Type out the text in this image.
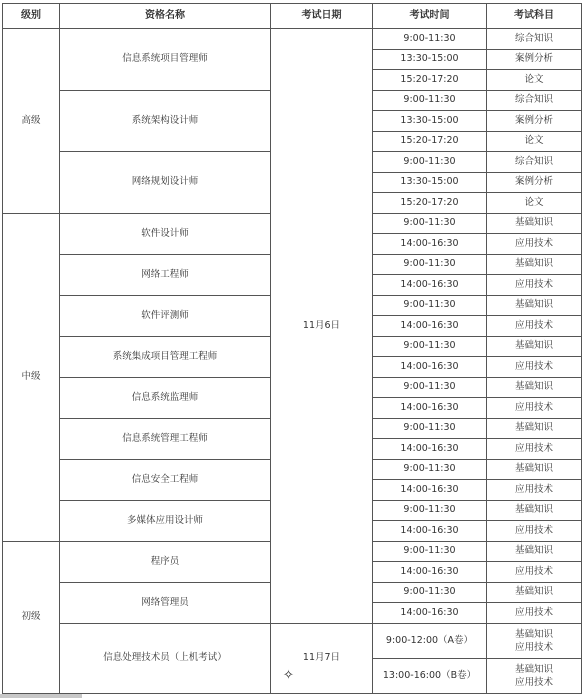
级别	资格名称	考试日期	考试时间	考试科目
高级	信息系统项目管理师	11月6日	9:00-11:30	综合知识
			13:30-15:00	案例分析
			15:20-17:20	论文
	系统架构设计师		9:00-11:30	综合知识
			13:30-15:00	案例分析
			15:20-17:20	论文
	网络规划设计师		9:00-11:30	综合知识
			13:30-15:00	案例分析
			15:20-17:20	论文
中级	软件设计师		9:00-11:30	基础知识
			14:00-16:30	应用技术
	网络工程师		9:00-11:30	基础知识
			14:00-16:30	应用技术
	软件评测师		9:00-11:30	基础知识
			14:00-16:30	应用技术
	系统集成项目管理工程师		9:00-11:30	基础知识
			14:00-16:30	应用技术
	信息系统监理师		9:00-11:30	基础知识
			14:00-16:30	应用技术
	信息系统管理工程师		9:00-11:30	基础知识
			14:00-16:30	应用技术
	信息安全工程师		9:00-11:30	基础知识
			14:00-16:30	应用技术
	多媒体应用设计师		9:00-11:30	基础知识
			14:00-16:30	应用技术
初级	程序员		9:00-11:30	基础知识
			14:00-16:30	应用技术
	网络管理员		9:00-11:30	基础知识
			14:00-16:30	应用技术
	信息处理技术员（上机考试）	11月7日	9:00-12:00（A卷）	基础知识
应用技术

			13:00-16:00（B卷）	基础知识
应用技术
✧
